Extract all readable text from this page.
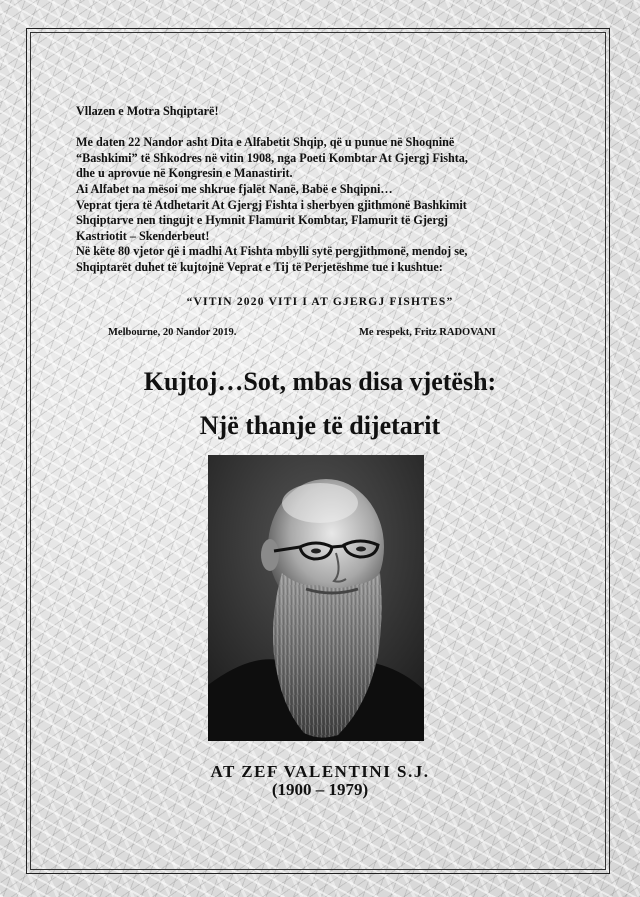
Vllazen e Motra Shqiptarë!

Me daten 22 Nandor asht Dita e Alfabetit Shqip, që u punue në Shoqninë

“Bashkimi” të Shkodres në vitin 1908, nga Poeti Kombtar At Gjergj Fishta,

dhe u aprovue në Kongresin e Manastirit.

Ai Alfabet na mësoi me shkrue fjalët Nanë, Babë e Shqipni…

Veprat tjera të Atdhetarit At Gjergj Fishta i sherbyen gjithmonë Bashkimit

Shqiptarve nen tingujt e Hymnit Flamurit Kombtar, Flamurit të Gjergj

Kastriotit – Skenderbeut!

Në këte 80 vjetor që i madhi At Fishta mbylli sytë pergjithmonë, mendoj se,

Shqiptarët duhet të kujtojnë Veprat e Tij të Perjetëshme tue i kushtue:

“VITIN 2020 VITI I AT GJERGJ FISHTES”
Melbourne, 20 Nandor 2019.	Me respekt, Fritz RADOVANI
Kujtoj…Sot, mbas disa vjetësh:
Një thanje të dijetarit
AT ZEF VALENTINI S.J.
(1900 – 1979)
